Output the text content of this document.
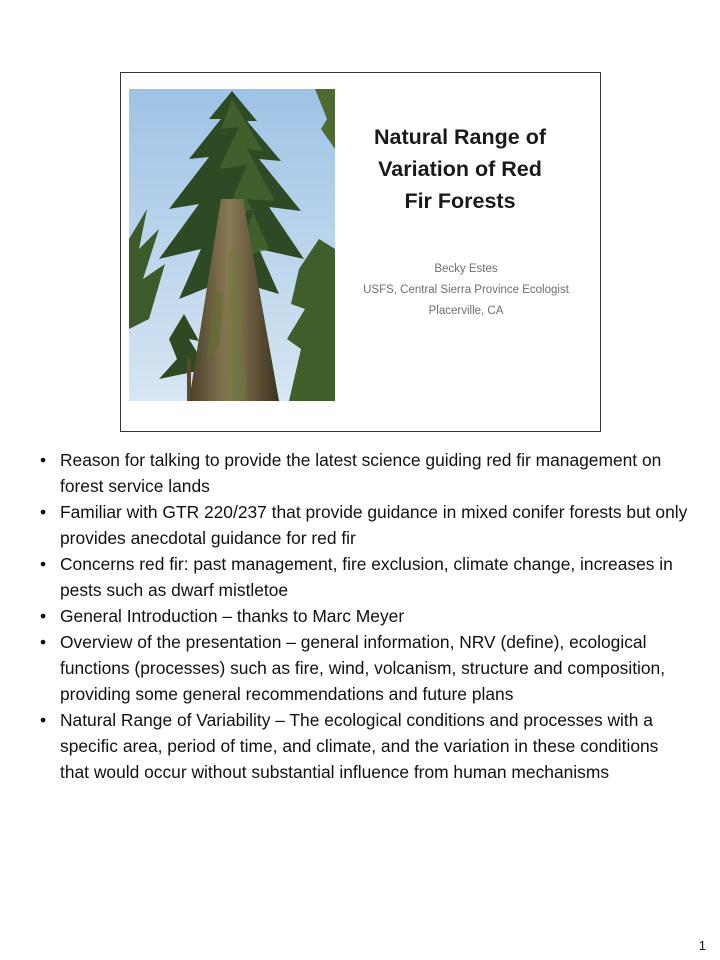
Natural Range of
Variation of Red
Fir Forests
Becky Estes
USFS, Central Sierra Province Ecologist
Placerville, CA
• Reason for talking to provide the latest science guiding red fir management on forest service lands
• Familiar with GTR 220/237 that provide guidance in mixed conifer forests but only provides anecdotal guidance for red fir
• Concerns red fir: past management, fire exclusion, climate change, increases in pests such as dwarf mistletoe
• General Introduction – thanks to Marc Meyer
• Overview of the presentation – general information, NRV (define), ecological functions (processes) such as fire, wind, volcanism, structure and composition, providing some general recommendations and future plans
• Natural Range of Variability – The ecological conditions and processes with a specific area, period of time, and climate, and the variation in these conditions that would occur without substantial influence from human mechanisms
1
